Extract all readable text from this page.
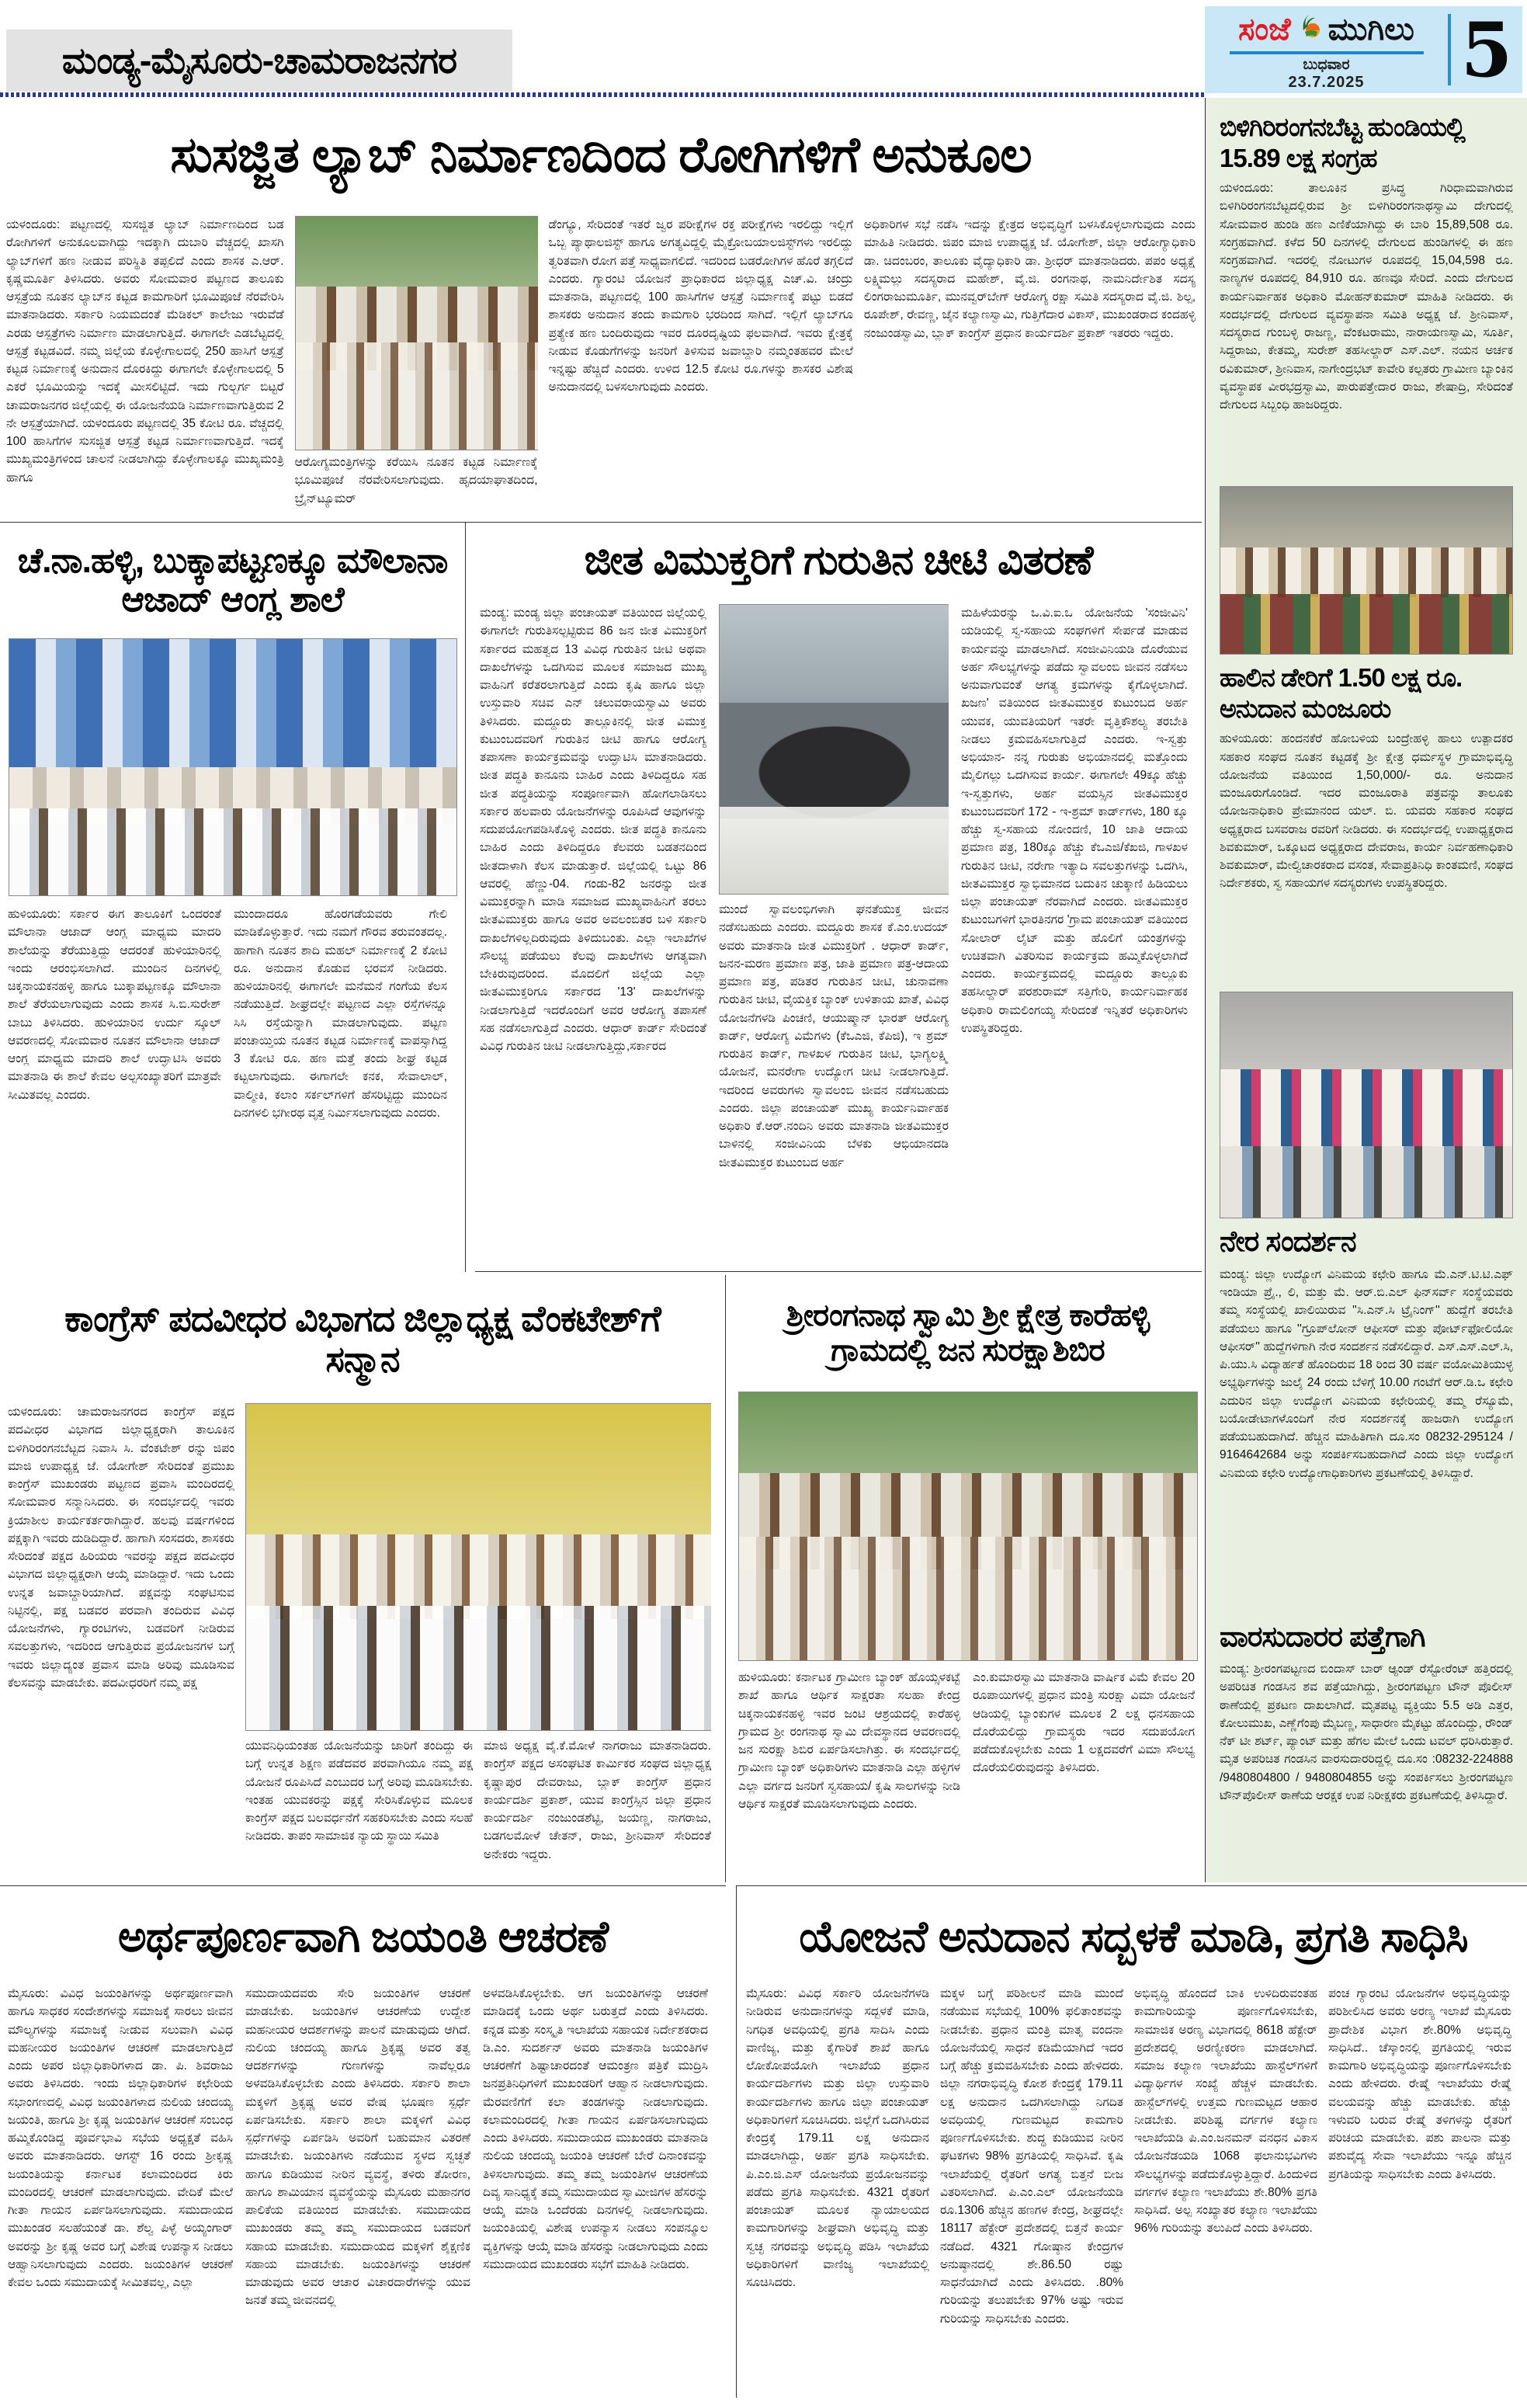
ಮಂಡ್ಯ-ಮೈಸೂರು-ಚಾಮರಾಜನಗರ
ಸಂಜೆ ಮುಗಿಲು
ಬುಧವಾರ
23.7.2025 5
ಸುಸಜ್ಜಿತ ಲ್ಯಾಬ್ ನಿರ್ಮಾಣದಿಂದ ರೋಗಿಗಳಿಗೆ ಅನುಕೂಲ
ಯಳಂದೂರು: ಪಟ್ಟಣದಲ್ಲಿ ಸುಸಜ್ಜಿತ ಲ್ಯಾಬ್ ನಿರ್ಮಾಣದಿಂದ ಬಡ ರೋಗಿಗಳಿಗೆ ಅನುಕೂಲವಾಗಿದ್ದು ಇದಕ್ಕಾಗಿ ದುಬಾರಿ ವೆಚ್ಚದಲ್ಲಿ ಖಾಸಗಿ ಲ್ಯಾಬ್‌ಗಳಿಗೆ ಹಣ ನೀಡುವ ಪರಿಸ್ಥಿತಿ ತಪ್ಪಲಿದೆ ಎಂದು ಶಾಸಕ ಎ.ಆರ್. ಕೃಷ್ಣಮೂರ್ತಿ ತಿಳಿಸಿದರು. ಅವರು ಸೋಮವಾರ ಪಟ್ಟಣದ ತಾಲೂಕು ಆಸ್ಪತ್ರೆಯ ನೂತನ ಲ್ಯಾಬ್‌ನ ಕಟ್ಟಡ ಕಾಮಗಾರಿಗೆ ಭೂಮಿಪೂಜೆ ನೆರವೇರಿಸಿ ಮಾತನಾಡಿದರು. ಸರ್ಕಾರಿ ನಿಯಮದಂತೆ ಮೆಡಿಕಲ್ ಕಾಲೇಜು ಇರುವೆಡೆ ಎರಡು ಆಸ್ಪತ್ರೆಗಳು ನಿರ್ಮಾಣ ಮಾಡಲಾಗುತ್ತಿದೆ. ಈಗಾಗಲೇ ಎಡಬೆಟ್ಟದಲ್ಲಿ ಆಸ್ಪತ್ರೆ ಕಟ್ಟಡವಿದೆ. ನಮ್ಮ ಜಿಲ್ಲೆಯ ಕೊಳ್ಳೇಗಾಲದಲ್ಲಿ 250 ಹಾಸಿಗೆ ಆಸ್ಪತ್ರೆ ಕಟ್ಟಡ ನಿರ್ಮಾಣಕ್ಕೆ ಅನುದಾನ ದೊರಕಿದ್ದು ಈಗಾಗಲೇ ಕೊಳ್ಳೇಗಾಲದಲ್ಲಿ 5 ಎಕರೆ ಭೂಮಿಯನ್ನು ಇದಕ್ಕೆ ಮೀಸಲಿಟ್ಟಿದೆ. ಇದು ಗುಲ್ಬರ್ಗ ಬಿಟ್ಟರೆ ಚಾಮರಾಜನಗರ ಜಿಲ್ಲೆಯಲ್ಲಿ ಈ ಯೋಜನೆಯಡಿ ನಿರ್ಮಾಣವಾಗುತ್ತಿರುವ 2 ನೇ ಆಸ್ಪತ್ರೆಯಾಗಿದೆ. ಯಳಂದೂರು ಪಟ್ಟಣದಲ್ಲಿ 35 ಕೋಟಿ ರೂ. ವೆಚ್ಚದಲ್ಲಿ 100 ಹಾಸಿಗೆಗಳ ಸುಸಜ್ಜಿತ ಆಸ್ಪತ್ರೆ ಕಟ್ಟಡ ನಿರ್ಮಾಣವಾಗುತ್ತಿದೆ. ಇದಕ್ಕೆ ಮುಖ್ಯಮಂತ್ರಿಗಳಿಂದ ಚಾಲನೆ ನೀಡಲಾಗಿದ್ದು ಕೊಳ್ಳೇಗಾಲಕ್ಕೂ ಮುಖ್ಯಮಂತ್ರಿ ಹಾಗೂ
ಆರೋಗ್ಯಮಂತ್ರಿಗಳನ್ನು ಕರೆಯಿಸಿ ನೂತನ ಕಟ್ಟಡ ನಿರ್ಮಾಣಕ್ಕೆ ಭೂಮಿಪೂಜೆ ನೆರವೇರಿಸಲಾಗುವುದು. ಹೃದಯಾಘಾತದಿಂದ, ಬ್ರೈನ್‌ಟ್ಯೂಮರ್
ಡೆಂಗ್ಯೂ, ಸೇರಿದಂತೆ ಇತರೆ ಜ್ವರ ಪರೀಕ್ಷೆಗಳ ರಕ್ತ ಪರೀಕ್ಷೆಗಳು ಇರಲಿದ್ದು ಇಲ್ಲಿಗೆ ಒಬ್ಬ ಪ್ಯಾಥಾಲಜಿಸ್ಟ್ ಹಾಗೂ ಅಗತ್ಯವಿದ್ದಲ್ಲಿ ಮೈಕ್ರೋಬಯಾಲಜಿಸ್ಟ್‌ಗಳು ಇರಲಿದ್ದು ತ್ವರಿತವಾಗಿ ರೋಗ ಪತ್ತೆ ಸಾಧ್ಯವಾಗಲಿದೆ. ಇದರಿಂದ ಬಡರೋಗಿಗಳ ಹೊರೆ ತಗ್ಗಲಿದೆ ಎಂದರು. ಗ್ಯಾರಂಟಿ ಯೋಜನೆ ಪ್ರಾಧಿಕಾರದ ಜಿಲ್ಲಾಧ್ಯಕ್ಷ ಎಚ್.ವಿ. ಚಂದ್ರು ಮಾತನಾಡಿ, ಪಟ್ಟಣದಲ್ಲಿ 100 ಹಾಸಿಗೆಗಳ ಆಸ್ಪತ್ರೆ ನಿರ್ಮಾಣಕ್ಕೆ ಪಟ್ಟು ಬಿಡದೆ ಶಾಸಕರು ಅನುದಾನ ತಂದು ಕಾಮಗಾರಿ ಭರದಿಂದ ಸಾಗಿದೆ. ಇಲ್ಲಿಗೆ ಲ್ಯಾಬ್‌ಗೂ ಪ್ರತ್ಯೇಕ ಹಣ ಬಂದಿರುವುದು ಇವರ ದೂರದೃಷ್ಟಿಯ ಫಲವಾಗಿದೆ. ಇವರು ಕ್ಷೇತ್ರಕ್ಕೆ ನೀಡುವ ಕೊಡುಗೆಗಳನ್ನು ಜನರಿಗೆ ತಿಳಿಸುವ ಜವಾಬ್ದಾರಿ ನಮ್ಮಂತಹವರ ಮೇಲೆ ಇನ್ನಷ್ಟು ಹೆಚ್ಚಿದೆ ಎಂದರು. ಉಳಿದ 12.5 ಕೋಟಿ ರೂ.ಗಳನ್ನು ಶಾಸಕರ ವಿಶೇಷ ಅನುದಾನದಲ್ಲಿ ಬಳಸಲಾಗುವುದು ಎಂದರು.
ಅಧಿಕಾರಿಗಳ ಸಭೆ ನಡೆಸಿ ಇದನ್ನು ಕ್ಷೇತ್ರದ ಅಭಿವೃದ್ಧಿಗೆ ಬಳಸಿಕೊಳ್ಳಲಾಗುವುದು ಎಂದು ಮಾಹಿತಿ ನೀಡಿದರು. ಜಿಪಂ ಮಾಜಿ ಉಪಾಧ್ಯಕ್ಷ ಜೆ. ಯೋಗೇಶ್, ಜಿಲ್ಲಾ ಆರೋಗ್ಯಾಧಿಕಾರಿ ಡಾ. ಚಿದಂಬರಂ, ತಾಲೂಕು ವೈದ್ಯಾಧಿಕಾರಿ ಡಾ. ಶ್ರೀಧರ್ ಮಾತನಾಡಿದರು. ಪಪಂ ಅಧ್ಯಕ್ಷೆ ಲಕ್ಷ್ಮಿಮಲ್ಲು ಸದಸ್ಯರಾದ ಮಹೇಶ್, ವೈ.ಜಿ. ರಂಗನಾಥ, ನಾಮನಿರ್ದೇಶಿತ ಸದಸ್ಯ ಲಿಂಗರಾಜುಮೂರ್ತಿ, ಮುನವ್ವರ್‌ಬೇಗ್ ಆರೋಗ್ಯ ರಕ್ಷಾ ಸಮಿತಿ ಸದಸ್ಯರಾದ ವೈ.ಜಿ. ಶಿಲ್ಪ, ರೂಪೇಶ್, ರೇವಣ್ಣ, ಜೈನ ಕಲ್ಯಾಣಸ್ವಾಮಿ, ಗುತ್ತಿಗೆದಾರ ವಿಕಾಸ್, ಮುಖಂಡರಾದ ಕಂದಹಳ್ಳಿ ನಂಜುಂಡಸ್ವಾಮಿ, ಬ್ಲಾಕ್ ಕಾಂಗ್ರೆಸ್ ಪ್ರಧಾನ ಕಾರ್ಯದರ್ಶಿ ಪ್ರಕಾಶ್ ಇತರರು ಇದ್ದರು.
ಬಿಳಿಗಿರಿರಂಗನಬೆಟ್ಟ ಹುಂಡಿಯಲ್ಲಿ 15.89 ಲಕ್ಷ ಸಂಗ್ರಹ
ಯಳಂದೂರು: ತಾಲೂಕಿನ ಪ್ರಸಿದ್ಧ ಗಿರಿಧಾಮವಾಗಿರುವ ಬಿಳಿಗಿರಿರಂಗನಬೆಟ್ಟದಲ್ಲಿರುವ ಶ್ರೀ ಬಿಳಿಗಿರಿರಂಗನಾಥಸ್ವಾಮಿ ದೇಗುದಲ್ಲಿ ಸೋಮವಾರ ಹುಂಡಿ ಹಣ ಎಣಿಕೆಯಾಗಿದ್ದು ಈ ಬಾರಿ 15,89,508 ರೂ. ಸಂಗ್ರಹವಾಗಿದೆ. ಕಳೆದ 50 ದಿನಗಳಲ್ಲಿ ದೇಗುಲದ ಹುಂಡಿಗಳಲ್ಲಿ ಈ ಹಣ ಸಂಗ್ರಹವಾಗಿದೆ. ಇದರಲ್ಲಿ ನೋಟುಗಳ ರೂಪದಲ್ಲಿ 15,04,598 ರೂ. ನಾಣ್ಯಗಳ ರೂಪದಲ್ಲಿ 84,910 ರೂ. ಹಣವೂ ಸೇರಿದೆ. ಎಂದು ದೇಗುಲದ ಕಾರ್ಯನಿರ್ವಾಹಕ ಅಧಿಕಾರಿ ಮೋಹನ್‌ಕುಮಾರ್ ಮಾಹಿತಿ ನೀಡಿದರು. ಈ ಸಂದರ್ಭದಲ್ಲಿ ದೇಗುಲದ ವ್ಯವಸ್ಥಾಪನಾ ಸಮಿತಿ ಅಧ್ಯಕ್ಷ ಜೆ. ಶ್ರೀನಿವಾಸ್, ಸದಸ್ಯರಾದ ಗುಂಬಳ್ಳಿ ರಾಜಣ್ಣ, ವೆಂಕಟರಾಮು, ನಾರಾಯಣಸ್ವಾಮಿ, ಸೂರ್ತಿ, ಸಿದ್ದರಾಜು, ಕೇತಮ್ಮ, ಸುರೇಶ್ ತಹಸೀಲ್ದಾರ್ ಎಸ್.ಎಲ್. ನಯನ ಅರ್ಚಕ ರವಿಕುಮಾರ್, ಶ್ರೀನಿವಾಸ, ನಾಗೇಂದ್ರಭಟ್ ಕಾವೇರಿ ಕಲ್ಪತರು ಗ್ರಾಮೀಣ ಬ್ಯಾಂಕಿನ ವ್ಯವಸ್ಥಾಪಕ ವೀರಭದ್ರಸ್ವಾಮಿ, ಪಾರುಪತ್ತೇದಾರ ರಾಜು, ಶೇಷಾದ್ರಿ, ಸೇರಿದಂತೆ ದೇಗುಲದ ಸಿಬ್ಬಂಧಿ ಹಾಜರಿದ್ದರು.
ಹಾಲಿನ ಡೇರಿಗೆ 1.50 ಲಕ್ಷ ರೂ. ಅನುದಾನ ಮಂಜೂರು
ಹುಳಿಯೂರು: ಹಂದನಕೆರೆ ಹೋಬಳಿಯ ಬಂದ್ರೇಹಳ್ಳಿ ಹಾಲು ಉತ್ಪಾದಕರ ಸಹಕಾರ ಸಂಘದ ನೂತನ ಕಟ್ಟಡಕ್ಕೆ ಶ್ರೀ ಕ್ಷೇತ್ರ ಧರ್ಮಸ್ಥಳ ಗ್ರಾಮಾಭಿವೃದ್ಧಿ ಯೋಜನೆಯ ವತಿಯಿಂದ 1,50,000/- ರೂ. ಅನುದಾನ ಮಂಜೂರುಗೊಂಡಿದೆ. ಇದರ ಮಂಜೂರಾತಿ ಪತ್ರವನ್ನು ತಾಲೂಕು ಯೋಜನಾಧಿಕಾರಿ ಪ್ರೇಮಾನಂದ ಯಲ್. ಬಿ. ಯವರು ಸಹಕಾರ ಸಂಘದ ಅಧ್ಯಕ್ಷರಾದ ಬಸವರಾಜ ರವರಿಗೆ ನೀಡಿದರು. ಈ ಸಂದರ್ಭದಲ್ಲಿ ಉಪಾಧ್ಯಕ್ಷರಾದ ಶಿವಕುಮಾರ್, ಒಕ್ಕೂಟದ ಅಧ್ಯಕ್ಷರಾದ ದೇವರಾಜ, ಕಾರ್ಯ ನಿರ್ವಹಣಾಧಿಕಾರಿ ಶಿವಕುಮಾರ್, ಮೇಲ್ವಿಚಾರಕರಾದ ವಸಂತ, ಸೇವಾಪ್ರತಿನಿಧಿ ಕಾಂತಮಣಿ, ಸಂಘದ ನಿರ್ದೇಶಕರು, ಸ್ವ ಸಹಾಯಗಳ ಸದಸ್ಯರುಗಳು ಉಪಸ್ಥಿತರಿದ್ದರು.
ನೇರ ಸಂದರ್ಶನ
ಮಂಡ್ಯ: ಜಿಲ್ಲಾ ಉದ್ಯೋಗ ವಿನಿಮಯ ಕಛೇರಿ ಹಾಗೂ ಮೆ.ಎನ್.ಟಿ.ಟಿ.ಎಫ್ ಇಂಡಿಯಾ ಪ್ರೈ., ಲಿ, ಮತ್ತು ಮೆ. ಆರ್.ಬಿ.ಎಲ್ ಫಿನ್‌ಸರ್ವ್ ಸಂಸ್ಥೆಯವರು ತಮ್ಮ ಸಂಸ್ಥೆಯಲ್ಲಿ ಖಾಲಿಯಿರುವ ''ಸಿ.ಎನ್.ಸಿ ಟ್ರೈನಿಂಗ್'' ಹುದ್ದೆಗೆ ತರಬೇತಿ ಪಡೆಯಲು ಹಾಗೂ ''ಗ್ರೂಪ್‌ಲೋನ್ ಆಫೀಸರ್ ಮತ್ತು ಪೋರ್ಟ್‌ಫೋಲಿಯೋ ಆಫೀಸರ್'' ಹುದ್ದೆಗಳಿಗಾಗಿ ನೇರ ಸಂದರ್ಶನ ನಡೆಸಲಿದ್ದಾರೆ. ಎಸ್.ಎಸ್.ಎಲ್.ಸಿ, ಪಿ.ಯು.ಸಿ ವಿದ್ಯಾರ್ಹತೆ ಹೊಂದಿರುವ 18 ರಿಂದ 30 ವರ್ಷ ವಯೋಮಿತಿಯುಳ್ಳ ಅಭ್ಯರ್ಥಿಗಳನ್ನು ಜುಲೈ 24 ರಂದು ಬೆಳಿಗ್ಗೆ 10.00 ಗಂಟೆಗೆ ಆರ್.ಡಿ.ಒ ಕಛೇರಿ ಎದುರಿನ ಜಿಲ್ಲಾ ಉದ್ಯೋಗ ವಿನಿಮಯ ಕಛೇರಿಯಲ್ಲಿ ತಮ್ಮ ರೆಸ್ಯೂಮೆ, ಬಯೋಡೇಟಾಗಳೊಂದಿಗೆ ನೇರ ಸಂದರ್ಶನಕ್ಕೆ ಹಾಜರಾಗಿ ಉದ್ಯೋಗ ಪಡೆಯಬಹುದಾಗಿದೆ. ಹೆಚ್ಚಿನ ಮಾಹಿತಿಗಾಗಿ ದೂ.ಸಂ 08232-295124 / 9164642684 ಅನ್ನು ಸಂಪರ್ಕಿಸಬಹುದಾಗಿದೆ ಎಂದು ಜಿಲ್ಲಾ ಉದ್ಯೋಗ ವಿನಿಮಯ ಕಛೇರಿ ಉದ್ಯೋಗಾಧಿಕಾರಿಗಳು ಪ್ರಕಟಣೆಯಲ್ಲಿ ತಿಳಿಸಿದ್ದಾರೆ.
ವಾರಸುದಾರರ ಪತ್ತೆಗಾಗಿ
ಮಂಡ್ಯ: ಶ್ರೀರಂಗಪಟ್ಟಣದ ಬಿಂದಾಸ್ ಬಾರ್ ಆ್ಯಂಡ್ ರೆಸ್ಟೋರೆಂಟ್ ಹತ್ತಿರದಲ್ಲಿ ಅಪರಿಚಿತ ಗಂಡಸಿನ ಶವ ಪತ್ತೆಯಾಗಿದ್ದು, ಶ್ರೀರಂಗಪಟ್ಟಣ ಟೌನ್ ಪೊಲೀಸ್ ಠಾಣೆಯಲ್ಲಿ ಪ್ರಕಟಣ ದಾಖಲಾಗಿದೆ. ಮೃತಪಟ್ಟ ವ್ಯಕ್ತಿಯು 5.5 ಅಡಿ ಎತ್ತರ, ಕೋಲುಮುಖ, ಎಣ್ಣೆಗೆಂಪು ಮೈಬಣ್ಣ, ಸಾಧಾರಣ ಮೈಕಟ್ಟು ಹೊಂದಿದ್ದು, ರೌಂಡ್ ನೆಕ್ ಟೀ ಶರ್ಟ್, ಪ್ಯಾಂಟ್ ಮತ್ತು ಹೆಗಲ ಮೇಲೆ ಒಂದು ಟವಲ್ ಧರಿಸಿರುತ್ತಾರೆ. ಮೃತ ಅಪರಿಚಿತ ಗಂಡಸಿನ ವಾರಸುದಾರರಿದ್ದಲ್ಲಿ ದೂ.ಸಂ :08232-224888 /9480804800 / 9480804855 ಅನ್ನು ಸಂಪರ್ಕಿಸಲು ಶ್ರೀರಂಗಪಟ್ಟಣ ಟೌನ್‌ಪೊಲೀಸ್ ಠಾಣೆಯ ಆರಕ್ಷಕ ಉಪ ನಿರೀಕ್ಷಕರು ಪ್ರಕಟಣೆಯಲ್ಲಿ ತಿಳಿಸಿದ್ದಾರೆ.
ಚೆ.ನಾ.ಹಳ್ಳಿ, ಬುಕ್ಕಾಪಟ್ಟಣಕ್ಕೂ ಮೌಲಾನಾ ಆಜಾದ್ ಆಂಗ್ಲ ಶಾಲೆ
ಹುಳಿಯೂರು: ಸರ್ಕಾರ ಈಗ ತಾಲೂಕಿಗೆ ಒಂದರಂತೆ ಮೌಲಾನಾ ಆಜಾದ್ ಆಂಗ್ಲ ಮಾಧ್ಯಮ ಮಾದರಿ ಶಾಲೆಯನ್ನು ತೆರೆಯುತ್ತಿದ್ದು ಆದರಂತೆ ಹುಳಿಯಾರಿನಲ್ಲಿ ಇಂದು ಆರಂಭಿಸಲಾಗಿದೆ. ಮುಂದಿನ ದಿನಗಳಲ್ಲಿ ಚಿಕ್ಕನಾಯಕನಹಳ್ಳಿ ಹಾಗೂ ಬುಕ್ಕಾಪಟ್ಟಣಕ್ಕೂ ಮೌಲಾನಾ ಶಾಲೆ ತೆರೆಯಲಾಗುವುದು ಎಂದು ಶಾಸಕ ಸಿ.ಬಿ.ಸುರೇಶ್ ಬಾಬು ತಿಳಿಸಿದರು. ಹುಳಿಯಾರಿನ ಉರ್ದು ಸ್ಕೂಲ್ ಆವರಣದಲ್ಲಿ ಸೋಮವಾರ ನೂತನ ಮೌಲಾನಾ ಆಜಾದ್ ಆಂಗ್ಲ ಮಾಧ್ಯಮ ಮಾದರಿ ಶಾಲೆ ಉದ್ಘಾಟಿಸಿ ಅವರು ಮಾತನಾಡಿ ಈ ಶಾಲೆ ಕೇವಲ ಅಲ್ಪಸಂಖ್ಯಾತರಿಗೆ ಮಾತ್ರವೇ ಸೀಮಿತವಲ್ಲ ಎಂದರು.
ಮುಂದಾದರೂ ಹೊರಗಡೆಯವರು ಗೇಲಿ ಮಾಡಿಕೊಳ್ಳುತ್ತಾರೆ. ಇದು ನಮಗೆ ಗೌರವ ತರುವಂತದಲ್ಲ. ಹಾಗಾಗಿ ನೂತನ ಶಾದಿ ಮಹಲ್ ನಿರ್ಮಾಣಕ್ಕೆ 2 ಕೋಟಿ ರೂ. ಅನುದಾನ ಕೊಡುವ ಭರವಸೆ ನೀಡಿದರು. ಹುಳಿಯಾರಿನಲ್ಲಿ ಈಗಾಗಲೇ ಮನೆಮನೆ ಗಂಗೆಯ ಕೆಲಸ ನಡೆಯುತ್ತಿದೆ. ಶೀಘ್ರದಲ್ಲೇ ಪಟ್ಟಣದ ಎಲ್ಲಾ ರಸ್ತೆಗಳನ್ನೂ ಸಿಸಿ ರಸ್ತೆಯನ್ನಾಗಿ ಮಾಡಲಾಗುವುದು. ಪಟ್ಟಣ ಪಂಚಾಯ್ತಿಯ ನೂತನ ಕಟ್ಟಡ ನಿರ್ಮಾಣಕ್ಕೆ ವಾಪಸ್ಸಾಗಿದ್ದ 3 ಕೋಟಿ ರೂ. ಹಣ ಮತ್ತೆ ತಂದು ಶೀಘ್ರ ಕಟ್ಟಡ ಕಟ್ಟಲಾಗುವುದು. ಈಗಾಗಲೇ ಕನಕ, ಸೇವಾಲಾಲ್, ವಾಲ್ಮೀಕಿ, ಕಲಾಂ ಸರ್ಕಲ್‌ಗಳಿಗೆ ಹೆಸರಿಟ್ಟಿದ್ದು ಮುಂದಿನ ದಿನಗಳಲಿ ಭಗೀರಥ ವೃತ್ತ ನಿರ್ಮಿಸಲಾಗುವುದು ಎಂದರು.
ಜೀತ ವಿಮುಕ್ತರಿಗೆ ಗುರುತಿನ ಚೀಟಿ ವಿತರಣೆ
ಮಂಡ್ಯ: ಮಂಡ್ಯ ಜಿಲ್ಲಾ ಪಂಚಾಯತ್ ವತಿಯಿಂದ ಜಿಲ್ಲೆಯಲ್ಲಿ ಈಗಾಗಲೇ ಗುರುತಿಸಲ್ಪಟ್ಟಿರುವ 86 ಜನ ಜೀತ ವಿಮುಕ್ತರಿಗೆ ಸರ್ಕಾರದ ಮಹತ್ವದ 13 ವಿವಿಧ ಗುರುತಿನ ಚೀಟಿ ಅಥವಾ ದಾಖಲೆಗಳನ್ನು ಒದಗಿಸುವ ಮೂಲಕ ಸಮಾಜದ ಮುಖ್ಯ ವಾಹಿನಿಗೆ ಕರೆತರಲಾಗುತ್ತಿದೆ ಎಂದು ಕೃಷಿ ಹಾಗೂ ಜಿಲ್ಲಾ ಉಸ್ತುವಾರಿ ಸಚಿವ ಎನ್ ಚಲುವರಾಯಸ್ವಾಮಿ ಅವರು ತಿಳಿಸಿದರು. ಮದ್ದೂರು ತಾಲ್ಲೂಕಿನಲ್ಲಿ ಜೀತ ವಿಮುಕ್ತ ಕುಟುಂಬದವರಿಗೆ ಗುರುತಿನ ಚೀಟಿ ಹಾಗೂ ಆರೋಗ್ಯ ತಪಾಸಣಾ ಕಾರ್ಯಕ್ರಮವನ್ನು ಉದ್ಘಾಟಿಸಿ ಮಾತನಾಡಿದರು. ಜೀತ ಪದ್ಧತಿ ಕಾನೂನು ಬಾಹಿರ ಎಂದು ತಿಳಿದಿದ್ದರೂ ಸಹ ಜೀತ ಪದ್ಧತಿಯನ್ನು ಸಂಪೂರ್ಣವಾಗಿ ಹೋಗಲಾಡಿಸಲು ಸರ್ಕಾರ ಹಲವಾರು ಯೋಜನೆಗಳನ್ನು ರೂಪಿಸಿದೆ ಆವುಗಳನ್ನು ಸದುಪಯೋಗಪಡಿಸಿಕೊಳ್ಳಿ ಎಂದರು. ಜೀತ ಪದ್ಧತಿ ಕಾನೂನು ಬಾಹಿರ ಎಂದು ತಿಳಿದಿದ್ದರೂ ಕೆಲವರು ಬಡತನದಿಂದ ಜೀತದಾಳಾಗಿ ಕೆಲಸ ಮಾಡುತ್ತಾರೆ. ಜಿಲ್ಲೆಯಲ್ಲಿ ಒಟ್ಟು 86 ಆವರಲ್ಲಿ ಹೆಣ್ಣು-04. ಗಂಡು-82 ಜನರನ್ನು ಜೀತ ವಿಮುಕ್ತರನ್ನಾಗಿ ಮಾಡಿ ಸಮಾಜದ ಮುಖ್ಯವಾಹಿನಿಗೆ ತರಲು ಜೀತವಿಮುಕ್ತರು ಹಾಗೂ ಅವರ ಅವಲಂಬಿತರ ಬಳಿ ಸರ್ಕಾರಿ ದಾಖಲೆಗಳಿಲ್ಲದಿರುವುದು ತಿಳಿದುಬಂತು. ಎಲ್ಲಾ ಇಲಾಖೆಗಳ ಸೌಲಭ್ಯ ಪಡೆಯಲು ಕೆಲವು ದಾಖಲೆಗಳು ಆಗತ್ಯವಾಗಿ ಬೇಕಿರುವುದರಿಂದ. ಮೊದಲಿಗೆ ಜಿಲ್ಲೆಯ ಎಲ್ಲಾ ಜೀತವಿಮುಕ್ತರಿಗೂ ಸರ್ಕಾರದ '13' ದಾಖಲೆಗಳನ್ನು ನೀಡಲಾಗುತ್ತಿದೆ ಇದರೊಂದಿಗೆ ಅವರ ಆರೋಗ್ಯ ತಪಾಸಣೆ ಸಹ ನಡೆಸಲಾಗುತ್ತಿದೆ ಎಂದರು. ಆಧಾರ್ ಕಾರ್ಡ್ ಸೇರಿದಂತೆ ವಿವಿಧ ಗುರುತಿನ ಚೀಟಿ ನೀಡಲಾಗುತ್ತಿದ್ದು,ಸರ್ಕಾರದ
ಮುಂದೆ ಸ್ವಾವಲಂಭಿಗಳಾಗಿ ಘನತೆಯುಕ್ತ ಜೀವನ ನಡೆಸಬಹುದು ಎಂದರು. ಮದ್ದೂರು ಶಾಸಕ ಕೆ.ಎಂ.ಉದಯ್ ಅವರು ಮಾತನಾಡಿ ಜೀತ ವಿಮುಕ್ತರಿಗೆ . ಆಧಾರ್ ಕಾರ್ಡ್, ಜನನ-ಮರಣ ಪ್ರಮಾಣ ಪತ್ರ, ಜಾತಿ ಪ್ರಮಾಣ ಪತ್ರ-ಆದಾಯ ಪ್ರಮಾಣ ಪತ್ರ, ಪಡಿತರ ಗುರುತಿನ ಚೀಟಿ, ಚುನಾವಣಾ ಗುರುತಿನ ಚೀಟಿ, ವೈಯಕ್ತಿಕ ಬ್ಯಾಂಕ್ ಉಳಿತಾಯ ಖಾತೆ, ವಿವಿಧ ಯೋಜನೆಗಳಡಿ ಪಿಂಚಣಿ, ಆಯುಷ್ಮಾನ್ ಭಾರತ್ ಆರೋಗ್ಯ ಕಾರ್ಡ್, ಆರೋಗ್ಯ ವಿಮೆಗಳು (ಕೆಒಎಜಿ, ಕೆಪಿಜಿ), ಇ ಶ್ರಮ್ ಗುರುತಿನ ಕಾರ್ಡ್, ಗಾಳಖಳ ಗುರುತಿನ ಚೀಟಿ, ಭಾಗ್ಯಲಕ್ಷ್ಮಿ ಯೋಜನೆ, ಮನರೇಗಾ ಉದ್ಯೋಗ ಚೀಟಿ ನೀಡಲಾಗುತ್ತಿದೆ. ಇದರಿಂದ ಅವರುಗಳು ಸ್ವಾವಲಂಬಿ ಜೀವನ ನಡೆಸಬಹುದು ಎಂದರು. ಜಿಲ್ಲಾ ಪಂಚಾಯತ್ ಮುಖ್ಯ ಕಾರ್ಯನಿರ್ವಾಹಕ ಅಧಿಕಾರಿ ಕೆ.ಆರ್.ನಂದಿನಿ ಅವರು ಮಾತನಾಡಿ ಜೀತವಿಮುಕ್ತರ ಬಾಳಿನಲ್ಲಿ ಸಂಜೀವಿನಿಯ ಬೆಳಕು ಆಭಿಯಾನದಡಿ ಜೀತವಿಮುಕ್ತರ ಕುಟುಂಬದ ಅರ್ಹ
ಮಹಿಳೆಯರನ್ನು ಒ.ವಿ.ಐ.ಒ ಯೋಜನೆಯ 'ಸಂಜೀವಿನಿ' ಯಡಿಯಲ್ಲಿ ಸ್ವ-ಸಹಾಯ ಸಂಘಗಳಿಗೆ ಸೇರ್ಪಡೆ ಮಾಡುವ ಕಾರ್ಯವನ್ನು ಮಾಡಲಾಗಿದೆ. ಸಂಜೀವಿನಿಯಡಿ ದೊರೆಯುವ ಅರ್ಹ ಸೌಲಭ್ಯಗಳನ್ನು ಪಡೆದು ಸ್ವಾವಲಂಬಿ ಜೀವನ ನಡೆಸಲು ಅನುವಾಗುವಂತೆ ಆಗತ್ಯ ಕ್ರಮಗಳನ್ನು ಕೈಗೊಳ್ಳಲಾಗಿದೆ. ಖಜಣ' ವತಿಯಿಂದ ಜೀತವಿಮುಕ್ತರ ಕುಟುಂಬದ ಅರ್ಹ ಯುವಕ, ಯುವತಿಯರಿಗೆ ಇತರೇ ವೃತ್ತಿಕೌಶಲ್ಯ ತರಬೇತಿ ನೀಡಲು ಕ್ರಮವಹಿಸಲಾಗುತ್ತಿದೆ ಎಂದರು. ಇ-ಸ್ವತ್ತು ಅಭಿಯಾನ- ನನ್ನ ಗುರುತು ಅಭಿಯಾನದಲ್ಲಿ ಮತ್ತೊಂದು ಮೈಲಿಗಲ್ಲು ಒದಗಿಸುವ ಕಾರ್ಯ. ಈಗಾಗಲೇ 49ಕ್ಕೂ ಹೆಚ್ಚು ಇ-ಸ್ವತ್ತುಗಳು, ಅರ್ಹ ವಯಸ್ಸಿನ ಜೀತವಿಮುಕ್ತರ ಕುಟುಂಬದವರಿಗೆ 172 - ಇ-ಶ್ರಮ್ ಕಾರ್ಡ್‌ಗಳು, 180 ಕ್ಕೂ ಹೆಚ್ಚು ಸ್ವ-ಸಹಾಯ ನೋಂದಣಿ, 10 ಜಾತಿ ಆದಾಯ ಪ್ರಮಾಣ ಪತ್ರ, 180ಕ್ಕೂ ಹೆಚ್ಚು ಕೆಒಎಜಿ/ಕೆಖಜಿ, ಗಾಳಖಳ ಗುರುತಿನ ಚೀಟಿ, ನರೇಗಾ ಇತ್ಯಾದಿ ಸವಲತ್ತುಗಳನ್ನು ಒದಗಿಸಿ, ಜೀತವಿಮುಕ್ತರ ಸ್ವಾಭಿಮಾನದ ಬದುಕಿನ ಚುಕ್ಕಾಣಿ ಹಿಡಿಯಲು ಜಿಲ್ಲಾ ಪಂಚಾಯತ್ ನೆರವಾಗಿದೆ ಎಂದರು. ಜೀತವಿಮುಕ್ತರ ಕುಟುಂಬಗಳಿಗೆ ಭಾರತಿನಗರ 'ಗ್ರಾಮ ಪಂಚಾಯತ್ ವತಿಯಿಂದ ಸೋಲಾರ್ ಲೈಟ್ ಮತ್ತು ಹೊಲಿಗೆ ಯಂತ್ರಗಳನ್ನು ಉಚಿತವಾಗಿ ವಿತರಿಸುವ ಕಾರ್ಯಕ್ರಮ ಹಮ್ಮಿಕೊಳ್ಳಲಾಗಿದೆ ಎಂದರು. ಕಾರ್ಯಕ್ರಮದಲ್ಲಿ ಮದ್ದೂರು ತಾಲ್ಲೂಕು ತಹಸೀಲ್ದಾರ್ ಪರಶುರಾಮ್ ಸತ್ತಿಗೇರಿ, ಕಾರ್ಯನಿರ್ವಾಹಕ ಅಧಿಕಾರಿ ರಾಮಲಿಂಗಯ್ಯ ಸೇರಿದಂತೆ ಇನ್ನಿತರೆ ಅಧಿಕಾರಿಗಳು ಉಪಸ್ಥಿತರಿದ್ದರು.
ಕಾಂಗ್ರೆಸ್ ಪದವೀಧರ ವಿಭಾಗದ ಜಿಲ್ಲಾಧ್ಯಕ್ಷ ವೆಂಕಟೇಶ್‌ಗೆ ಸನ್ಮಾನ
ಯಳಂದೂರು: ಚಾಮರಾಜನಗರದ ಕಾಂಗ್ರೆಸ್ ಪಕ್ಷದ ಪದವೀಧರ ವಿಭಾಗದ ಜಿಲ್ಲಾಧ್ಯಕ್ಷರಾಗಿ ತಾಲೂಕಿನ ಬಿಳಿಗಿರಿರಂಗನಬೆಟ್ಟದ ನಿವಾಸಿ ಸಿ. ವೆಂಕಟೇಶ್ ರನ್ನು ಜಿಪಂ ಮಾಜಿ ಉಪಾಧ್ಯಕ್ಷ ಜೆ. ಯೋಗೇಶ್ ಸೇರಿದಂತೆ ಪ್ರಮುಖ ಕಾಂಗ್ರೆಸ್ ಮುಖಂಡರು ಪಟ್ಟಣದ ಪ್ರವಾಸಿ ಮಂದಿರದಲ್ಲಿ ಸೋಮವಾರ ಸನ್ಮಾನಿಸಿದರು. ಈ ಸಂದರ್ಭದಲ್ಲಿ ಇವರು ಕ್ರಿಯಾಶೀಲ ಕಾರ್ಯಕರ್ತರಾಗಿದ್ದಾರೆ. ಹಲವು ವರ್ಷಗಳಿಂದ ಪಕ್ಷಕ್ಕಾಗಿ ಇವರು ದುಡಿದಿದ್ದಾರೆ. ಹಾಗಾಗಿ ಸಂಸದರು, ಶಾಸಕರು ಸೇರಿದಂತೆ ಪಕ್ಷದ ಹಿರಿಯರು ಇವರನ್ನು ಪಕ್ಷದ ಪದವೀಧರ ವಿಭಾಗದ ಜಿಲ್ಲಾಧ್ಯಕ್ಷರಾಗಿ ಆಯ್ಕೆ ಮಾಡಿದ್ದಾರೆ. ಇದು ಒಂದು ಉನ್ನತ ಜವಾಬ್ದಾರಿಯಾಗಿದೆ. ಪಕ್ಷವನ್ನು ಸಂಘಟಿಸುವ ನಿಟ್ಟಿನಲ್ಲಿ, ಪಕ್ಷ ಬಡವರ ಪರವಾಗಿ ತಂದಿರುವ ವಿವಿಧ ಯೋಜನೆಗಳು, ಗ್ಯಾರಂಟಿಗಳು, ಬಡವರಿಗೆ ನೀಡಿರುವ ಸವಲತ್ತುಗಳು, ಇದರಿಂದ ಆಗುತ್ತಿರುವ ಪ್ರಯೋಜನಗಳ ಬಗ್ಗೆ ಇವರು ಜಿಲ್ಲಾದ್ಯಂತ ಪ್ರವಾಸ ಮಾಡಿ ಅರಿವು ಮೂಡಿಸುವ ಕೆಲಸವನ್ನು ಮಾಡಬೇಕು. ಪದವೀಧರರಿಗೆ ನಮ್ಮ ಪಕ್ಷ
ಯುವನಿಧಿಯಂತಹ ಯೋಜನೆಯನ್ನು ಜಾರಿಗೆ ತಂದಿದ್ದು ಈ ಬಗ್ಗೆ ಉನ್ನತ ಶಿಕ್ಷಣ ಪಡೆದವರ ಪರವಾಗಿಯೂ ನಮ್ಮ ಪಕ್ಷ ಯೋಜನೆ ರೂಪಿಸಿದೆ ಎಂಬುದರ ಬಗ್ಗೆ ಅರಿವು ಮೂಡಿಸಬೇಕು. ಇಂತಹ ಯುವಕರನ್ನು ಪಕ್ಷಕ್ಕೆ ಸೇರಿಸಿಕೊಳ್ಳುವ ಮೂಲಕ ಕಾಂಗ್ರೆಸ್ ಪಕ್ಷದ ಬಲವರ್ಧನೆಗೆ ಸಹಕರಿಸಬೇಕು ಎಂದು ಸಲಹೆ ನೀಡಿದರು. ತಾಪಂ ಸಾಮಾಜಿಕ ನ್ಯಾಯ ಸ್ಥಾಯಿ ಸಮಿತಿ
ಮಾಜಿ ಅಧ್ಯಕ್ಷ ವೈ.ಕೆ.ಮೋಳೆ ನಾಗರಾಜು ಮಾತನಾಡಿದರು. ಕಾಂಗ್ರೆಸ್ ಪಕ್ಷದ ಅಸಂಘಟಿತ ಕಾರ್ಮಿಕರ ಸಂಘದ ಜಿಲ್ಲಾಧ್ಯಕ್ಷ ಕೃಷ್ಣಾಪುರ ದೇವರಾಜು, ಬ್ಲಾಕ್ ಕಾಂಗ್ರೆಸ್ ಪ್ರಧಾನ ಕಾರ್ಯದರ್ಶಿ ಪ್ರಕಾಶ್, ಯುವ ಕಾಂಗ್ರೆಸ್ಸಿನ ಜಿಲ್ಲಾ ಪ್ರಧಾನ ಕಾರ್ಯದರ್ಶಿ ನಂಜುಂಡಶೆಟ್ಟಿ, ಜಯಣ್ಣ, ನಾಗರಾಜು, ಬಡಗಲಮೋಳೆ ಚೇತನ್, ರಾಜು, ಶ್ರೀನಿವಾಸ್ ಸೇರಿದಂತೆ ಅನೇಕರು ಇದ್ದರು.
ಶ್ರೀರಂಗನಾಥ ಸ್ವಾಮಿ ಶ್ರೀ ಕ್ಷೇತ್ರ ಕಾರೆಹಳ್ಳಿ ಗ್ರಾಮದಲ್ಲಿ ಜನ ಸುರಕ್ಷಾಶಿಬಿರ
ಹುಳಿಯೂರು: ಕರ್ನಾಟಕ ಗ್ರಾಮೀಣ ಬ್ಯಾಂಕ್ ಹೊಯ್ಸಳಕಟ್ಟೆ ಶಾಖೆ ಹಾಗೂ ಆರ್ಥಿಕ ಸಾಕ್ಷರತಾ ಸಲಹಾ ಕೇಂದ್ರ ಚಿಕ್ಕನಾಯಕನಹಳ್ಳಿ ಇವರ ಜಂಟಿ ಆಶ್ರಯದಲ್ಲಿ ಕಾರೆಹಳ್ಳಿ ಗ್ರಾಮದ ಶ್ರೀ ರಂಗನಾಥ ಸ್ವಾಮಿ ದೇವಸ್ಥಾನದ ಆವರಣದಲ್ಲಿ ಜನ ಸುರಕ್ಷಾ ಶಿಬಿರ ಏರ್ಪಡಿಸಲಾಗಿತ್ತು. ಈ ಸಂದರ್ಭದಲ್ಲಿ ಗ್ರಾಮೀಣ ಬ್ಯಾಂಕ್ ಅಧಿಕಾರಿಗಳು ಮಾತನಾಡಿ ಎಲ್ಲಾ ಹಳ್ಳಿಗಳ ಎಲ್ಲಾ ವರ್ಗದ ಜನರಿಗೆ ಸ್ವಸಹಾಯ/ ಕೃಷಿ ಸಾಲಗಳನ್ನು ನೀಡಿ ಆರ್ಥಿಕ ಸಾಕ್ಷರತೆ ಮೂಡಿಸಲಾಗುವುದು ಎಂದರು.
ಎಂ.ಕುಮಾರಸ್ವಾಮಿ ಮಾತನಾಡಿ ವಾರ್ಷಿಕ ವಿಮೆ ಕೇವಲ 20 ರೂಪಾಯಿಗಳಲ್ಲಿ ಪ್ರಧಾನ ಮಂತ್ರಿ ಸುರಕ್ಷಾ ವಿಮಾ ಯೋಜನೆ ಆಡಿಯಲ್ಲಿ ಬ್ಯಾಂಕುಗಳ ಮೂಲಕ 2 ಲಕ್ಷ ಧನಸಹಾಯ ದೊರೆಯಲಿದ್ದು ಗ್ರಾಮಸ್ಥರು ಇದರ ಸದುಪಯೋಗ ಪಡೆದುಕೊಳ್ಳಬೇಕು ಎಂದು 1 ಲಕ್ಷದವರೆಗೆ ವಿಮಾ ಸೌಲಭ್ಯ ದೊರೆಯಲಿರುವುದನ್ನು ತಿಳಿಸಿದರು.
ಅರ್ಥಪೂರ್ಣವಾಗಿ ಜಯಂತಿ ಆಚರಣೆ
ಮೈಸೂರು: ವಿವಿಧ ಜಯಂತಿಗಳನ್ನು ಅರ್ಥಪೂರ್ಣವಾಗಿ ಹಾಗೂ ಸಾಧಕರ ಸಂದೇಶಗಳನ್ನು ಸಮಾಜಕ್ಕೆ ಸಾರಲು ಜೀವನ ಮೌಲ್ಯಗಳನ್ನು ಸಮಾಜಕ್ಕೆ ನೀಡುವ ಸಲುವಾಗಿ ವಿವಿಧ ಮಹನೀಯರ ಜಯಂತಿಗಳ ಆಚರಣೆ ಮಾಡಲಾಗುತ್ತಿದೆ ಎಂದು ಅಪರ ಜಿಲ್ಲಾಧಿಕಾರಿಗಳಾದ ಡಾ. ಪಿ. ಶಿವರಾಜು ಅವರು ತಿಳಿಸಿದರು. ಇಂದು ಜಿಲ್ಲಾಧಿಕಾರಿಗಳ ಕಛೇರಿಯ ಸಭಾಂಗಣದಲ್ಲಿ ವಿವಿಧ ಜಯಂತಿಗಳಾದ ನುಲಿಯ ಚಂದಯ್ಯ ಜಯಂತಿ, ಹಾಗೂ ಶ್ರೀ ಕೃಷ್ಣ ಜಯಂತಿಗಳ ಆಚರಣೆ ಸಂಬಂಧ ಹಮ್ಮಿಕೊಂಡಿದ್ದ ಪೂರ್ವಭಾವಿ ಸಭೆಯ ಅಧ್ಯಕ್ಷತೆ ವಹಿಸಿ ಅವರು ಮಾತನಾಡಿದರು. ಆಗಸ್ಟ್ 16 ರಂದು ಶ್ರೀಕೃಷ್ಣ ಜಯಂತಿಯನ್ನು ಕರ್ನಾಟಕ ಕಲಾಮಂದಿರದ ಕಿರು ಮಂದಿರದಲ್ಲಿ ಆಚರಣೆ ಮಾಡಲಾಗುವುದು. ವೇದಿಕೆ ಮೇಲೆ ಗೀತಾ ಗಾಯನ ಏರ್ಪಡಿಸಲಾಗುವುದು. ಸಮುದಾಯದ ಮುಖಂಡರ ಸಲಹೆಯಂತೆ ಡಾ. ಶೆಲ್ವ ಪಿಳ್ಳೆ ಅಯ್ಯಂಗಾರ್ ಅವರನ್ನು ಶ್ರೀ ಕೃಷ್ಣ ಅವರ ಬಗ್ಗೆ ವಿಶೇಷ ಉಪನ್ಯಾಸ ನೀಡಲು ಆಹ್ವಾನಿಸಲಾಗುವುದು ಎಂದರು. ಜಯಂತಿಗಳ ಆಚರಣೆ ಕೇವಲ ಒಂದು ಸಮುದಾಯಕ್ಕೆ ಸೀಮಿತವಲ್ಲ, ಎಲ್ಲಾ
ಸಮುದಾಯದವರು ಸೇರಿ ಜಯಂತಿಗಳ ಆಚರಣೆ ಮಾಡಬೇಕು. ಜಯಂತಿಗಳ ಆಚರಣೆಯ ಉದ್ದೇಶ ಮಹನೀಯರ ಆದರ್ಶಗಳನ್ನು ಪಾಲನೆ ಮಾಡುವುದು ಆಗಿದೆ. ನುಲಿಯ ಚಂದಯ್ಯ ಹಾಗೂ ಶ್ರಿಕೃಷ್ಣ ಅವರ ತತ್ವ ಆದರ್ಶಗಳನ್ನು ಗುಣಗಳನ್ನು ನಾವೆಲ್ಲರೂ ಅಳವಡಿಸಿಕೊಳ್ಳಬೇಕು ಎಂದು ತಿಳಿಸಿದರು. ಸರ್ಕಾರಿ ಶಾಲಾ ಮಕ್ಕಳಿಗೆ ಶ್ರಿಕೃಷ್ಣ ಅವರ ವೇಷ ಭೂಷಣ ಸ್ಪರ್ಧೆ ಏರ್ಪಡಿಸಬೇಕು. ಸರ್ಕಾರಿ ಶಾಲಾ ಮಕ್ಕಳಿಗೆ ವಿವಿಧ ಸ್ಪರ್ಧೆಗಳನ್ನು ಏರ್ಪಡಿಸಿ ಅವರಿಗೆ ಬಹುಮಾನ ವಿತರಣೆ ಮಾಡಬೇಕು. ಜಯಂತಿಗಳು ನಡೆಯುವ ಸ್ಥಳದ ಸ್ವಚ್ಛತೆ ಹಾಗೂ ಕುಡಿಯುವ ನೀರಿನ ವ್ಯವಸ್ಥೆ, ತಳಿರು ತೋರಣ, ಹಾಗೂ ಶಾಮಿಯಾನ ವ್ಯವಸ್ಥೆಯನ್ನು ಮೈಸೂರು ಮಹಾನಗರ ಪಾಲಿಕೆಯ ವತಿಯಿಂದ ಮಾಡಬೇಕು. ಸಮುದಾಯದ ಮುಖಂಡರು ತಮ್ಮ ತಮ್ಮ ಸಮುದಾಯದ ಬಡವರಿಗೆ ಸಹಾಯ ಮಾಡಬೇಕು. ಸಮುದಾಯದ ಮಕ್ಕಳಿಗೆ ಶೈಕ್ಷಣಿಕ ಸಹಾಯ ಮಾಡಬೇಕು. ಜಯಂತಿಗಳನ್ನು ಆಚರಣೆ ಮಾಡುವುದು ಅವರ ಆಚಾರ ವಿಚಾರದಾರೆಗಳನ್ನು ಯುವ ಜನತೆ ತಮ್ಮ ಜೀವನದಲ್ಲಿ
ಅಳವಡಿಸಿಕೊಳ್ಳಬೇಕು. ಆಗ ಜಯಂತಿಗಳನ್ನು ಆಚರಣೆ ಮಾಡಿದಕ್ಕೆ ಒಂದು ಅರ್ಥ ಬರುತ್ತದೆ ಎಂದು ತಿಳಿಸಿದರು. ಕನ್ನಡ ಮತ್ತು ಸಂಸ್ಕೃತಿ ಇಲಾಖೆಯ ಸಹಾಯಕ ನಿರ್ದೇಶಕರಾದ ಡಿ.ಎಂ. ಸುದರ್ಶನ್ ಅವರು ಮಾತನಾಡಿ ಜಯಂತಿಗಳ ಆಚರಣೆಗೆ ಶಿಷ್ಟಾಚಾರದಂತೆ ಆಮಂತ್ರಣ ಪತ್ರಿಕೆ ಮುದ್ರಿಸಿ ಜನಪ್ರತಿನಿಧಿಗಳಿಗೆ ಮುಖಂಡರಿಗೆ ಆಹ್ವಾನ ನೀಡಲಾಗುವುದು. ಮೆರವಣಿಗೆಗೆ ಕಲಾ ತಂಡಗಳನ್ನು ನೀಡಲಾಗುವುದು. ಕಲಾಮಂದಿರದಲ್ಲಿ ಗೀತಾ ಗಾಯನ ಏರ್ಪಡಿಸಲಾಗುವುದು ಎಂದು ತಿಳಿಸಿದರು. ಸಮುದಾಯದ ಮುಖಂಡರು ಮಾತನಾಡಿ ನುಲಿಯ ಚಂದಯ್ಯ ಜಯಂತಿ ಆಚರಣೆ ಬೇರೆ ದಿನಾಂಕವನ್ನು ತಿಳಿಸಲಾಗುವುದು. ತಮ್ಮ ತಮ್ಮ ಜಯಂತಿಗಳ ಆಚರಣೆಯ ದಿವ್ಯ ಸಾನಿಧ್ಯಕ್ಕೆ ತಮ್ಮ ಸಮುದಾಯದ ಸ್ವಾಮೀಜಿಗಳ ಹೆಸರನ್ನು ಆಯ್ಕೆ ಮಾಡಿ ಒಂದೆರಡು ದಿನಗಳಲ್ಲಿ ನೀಡಲಾಗುವುದು. ಜಯಂತಿಯಲ್ಲಿ ವಿಶೇಷ ಉಪನ್ಯಾಸ ನೀಡಲು ಸಂಪನ್ಮೂಲ ವ್ಯಕ್ತಿಗಳನ್ನು ಆಯ್ಕೆ ಮಾಡಿ ಹೆಸರನ್ನು ನೀಡಲಾಗುವುದು ಎಂದು ಸಮುದಾಯದ ಮುಖಂಡರು ಸಭೆಗೆ ಮಾಹಿತಿ ನೀಡಿದರು.
ಯೋಜನೆ ಅನುದಾನ ಸದ್ಬಳಕೆ ಮಾಡಿ, ಪ್ರಗತಿ ಸಾಧಿಸಿ
ಮೈಸೂರು: ವಿವಿಧ ಸರ್ಕಾರಿ ಯೋಜನೆಗಳಡಿ ನೀಡಿರುವ ಅನುದಾನಗಳನ್ನು ಸದ್ಬಳಕೆ ಮಾಡಿ, ನಿಗಧಿತ ಅವಧಿಯಲ್ಲಿ ಪ್ರಗತಿ ಸಾದಿಸಿ ಎಂದು ವಾಣಿಜ್ಯ, ಮತ್ತು ಕೈಗಾರಿಕೆ ಶಾಖೆ ಹಾಗೂ ಲೋಕೋಪಯೋಗಿ ಇಲಾಖೆಯ ಪ್ರಧಾನ ಕಾರ್ಯದರ್ಶಿಗಳು ಮತ್ತು ಜಿಲ್ಲಾ ಉಸ್ತುವಾರಿ ಕಾರ್ಯದರ್ಶಿಗಳು ಹಾಗೂ ಜಿಲ್ಲಾ ಪಂಚಾಯತ್ ಅಧಿಕಾರಿಗಳಿಗೆ ಸೂಚಿಸಿದರು. ಜಿಲ್ಲೆಗೆ ಒದಗಿಸಿರುವ ಕೇಂದ್ರಕ್ಕೆ 179.11 ಲಕ್ಷ ಅನುದಾನ ಮಾಡಲಾಗಿದ್ದು, ಅರ್ಹ ಪ್ರಗತಿ ಸಾಧಿಸಬೇಕು. ಪಿ.ಎಂ.ಜಿ.ಎಸ್ ಯೋಜನೆಯ ಪ್ರಯೋಜನವನ್ನು ಪಡೆದು ಪ್ರಗತಿ ಸಾಧಿಸಬೇಕು. 4321 ರೈತರಿಗೆ ಪಂಚಾಯತ್ ಮೂಲಕ ನ್ಯಾಯಾಲಯದ ಕಾಮಗಾರಿಗಳನ್ನು ಶೀಘ್ರವಾಗಿ ಅಭಿವೃದ್ಧಿ ಮತ್ತು ಸ್ವಚ್ಛ ನಗರವನ್ನು ಅಭಿವೃದ್ಧಿ ಪಡಿಸಿ ಇಲಾಖೆಯ ಅಧಿಕಾರಿಗಳಿಗೆ ವಾಣಿಜ್ಯ ಇಲಾಖೆಯಲ್ಲಿ ಸೂಚಿಸಿದರು.
ಮಕ್ಕಳ ಬಗ್ಗೆ ಪರಿಶೀಲನೆ ಮಾಡಿ ಮುಂದೆ ನಡೆಯುವ ಸಭೆಯಲ್ಲಿ 100% ಫಲಿತಾಂಶವನ್ನು ನೀಡಬೇಕು. ಪ್ರಧಾನ ಮಂತ್ರಿ ಮಾತೃ ವಂದನಾ ಯೋಜನೆಯಲ್ಲಿ ಸಾಧನೆ ಕಡಿಮೆಯಾಗಿದೆ ಇದರ ಬಗ್ಗೆ ಹೆಚ್ಚು ಕ್ರಮವಹಿಸಬೇಕು ಎಂದು ಹೇಳಿದರು. ಜಿಲ್ಲಾ ನಗರಾಭಿವೃದ್ಧಿ ಕೋಶ ಕೇಂದ್ರಕ್ಕೆ 179.11 ಲಕ್ಷ ಅನುದಾನ ಒದಗಿಸಲಾಗಿದ್ದು ನಿಗದಿತ ಅವಧಿಯಲ್ಲಿ ಗುಣಮಟ್ಟದ ಕಾಮಗಾರಿ ಪೂರ್ಣಗೊಳಿಸಬೇಕು. ಶುದ್ಧ ಕುಡಿಯುವ ನೀರಿನ ಘಟಕಗಳು 98% ಪ್ರಗತಿಯಲ್ಲಿ ಸಾಧಿಸಿವೆ. ಕೃಷಿ ಇಲಾಖೆಯಲ್ಲಿ ರೈತರಿಗೆ ಅಗತ್ಯ ಬಿತ್ತನೆ ಬೀಜ ವಿತರಿಸಲಾಗಿದೆ. ಪಿ.ಎಂ.ಎಲ್ ಯೋಜನೆಯಡಿ ರೂ.1306 ಹೆಚ್ಚಿನ ಹಣಗಳ ಕೇಂದ್ರ, ಶೀಘ್ರದಲ್ಲೇ 18117 ಹೆಕ್ಟೇರ್ ಪ್ರದೇಶದಲ್ಲಿ ಬಿತ್ತನೆ ಕಾರ್ಯ ನಡೆದಿದೆ. 4321 ಗೋಷ್ಠಾನ ಕೇಂದ್ರಗಳ ಅನುಷ್ಠಾನದಲ್ಲಿ ಶೇ.86.50 ರಷ್ಟು ಸಾಧನೆಯಾಗಿದೆ ಎಂದು ತಿಳಿಸಿದರು. .80% ಗುರಿಯನ್ನು ತಲುಪಬೇಕು 97% ಅಷ್ಟು ಇರುವ ಗುರಿಯನ್ನು ಸಾಧಿಸಬೇಕು ಎಂದರು.
ಅಭಿವೃದ್ಧಿ ಹೊಂದದೆ ಬಾಕಿ ಉಳಿದಿರುವಂತಹ ಕಾಮಗಾರಿಯನ್ನು ಪೂರ್ಣಗೊಳಿಸಬೇಕು, ಸಾಮಾಜಿಕ ಅರಣ್ಯ ವಿಭಾಗದಲ್ಲಿ 8618 ಹೆಕ್ಟೇರ್ ಪ್ರದೇಶದಲ್ಲಿ ಅರಣ್ಯೀಕರಣ ಮಾಡಲಾಗಿದೆ. ಸಮಾಜ ಕಲ್ಯಾಣ ಇಲಾಖೆಯು ಹಾಸ್ಟೆಲ್‌ಗಳಿಗೆ ವಿದ್ಯಾರ್ಥಿಗಳ ಸಂಖ್ಯೆ ಹೆಚ್ಚಳ ಮಾಡಬೇಕು. ಹಾಸ್ಟೆಲ್‌ಗಳಲ್ಲಿ ಉತ್ತಮ ಗುಣಮಟ್ಟದ ಆಹಾರ ನೀಡಬೇಕು. ಪರಿಶಿಷ್ಟ ವರ್ಗಗಳ ಕಲ್ಯಾಣ ಇಲಾಖೆಯಡಿ ಪಿ.ಎಂ.ಜನಮನ್ ವನಧನ ವಿಕಾಸ ಯೋಜನೆಡಯಡಿ 1068 ಫಲಾನುಭವಿಗಳು ಸೌಲಭ್ಯಗಳನ್ನು ಪಡೆದುಕೊಳ್ಳುತ್ತಿದ್ದಾರೆ. ಹಿಂದುಳಿದ ವರ್ಗಗಳ ಕಲ್ಯಾಣ ಇಲಾಖೆಯು ಶೇ.80% ಪ್ರಗತಿ ಸಾಧಿಸಿದೆ. ಅಲ್ಪ ಸಂಖ್ಯಾತರ ಕಲ್ಯಾಣ ಇಲಾಖೆಯು 96% ಗುರಿಯನ್ನು ತಲುಪಿದೆ ಎಂದು ತಿಳಿಸಿದರು.
ಪಂಚ ಗ್ಯಾರಂಟಿ ಯೋಜನೆಗಳ ಅಭಿವೃದ್ಧಿಯನ್ನು ಪರಿಶೀಲಿಸಿದ ಅವರು ಅರಣ್ಯ ಇಲಾಖೆ ಮೈಸೂರು ಪ್ರಾದೇಶಿಕ ವಿಭಾಗ ಶೇ.80% ಅಭಿವೃದ್ಧಿ ಸಾಧಿಸಿದೆ.. ಚೆಸ್ಕಾಂನಲ್ಲಿ ಪ್ರಗತಿಯಲ್ಲಿ ಇರುವ ಕಾಮಗಾರಿ ಅಭಿವೃದ್ಧಿಯನ್ನು ಪೂರ್ಣಗೊಳಿಸಬೇಕು ಎಂದು ಹೇಳಿದರು. ರೇಷ್ಮೆ ಇಲಾಖೆಯು ರೇಷ್ಮೆ ವಲಯವನ್ನು ಹೆಚ್ಚು ಮಾಡಬೇಕು. ಹೆಚ್ಚು ಇಳುವರಿ ಬರುವ ರೇಷ್ಮೆ ತಳಿಗಳನ್ನು ರೈತರಿಗೆ ಪರಿಚಯ ಮಾಡಬೇಕು. ಪಶು ಪಾಲನಾ ಮತ್ತು ಪಶುವೈದ್ಯ ಸೇವಾ ಇಲಾಖೆಯು ಇನ್ನೂ ಹೆಚ್ಚಿನ ಪ್ರಗತಿಯನ್ನು ಸಾಧಿಸಬೇಕು ಎಂದು ತಿಳಿಸಿದರು.
